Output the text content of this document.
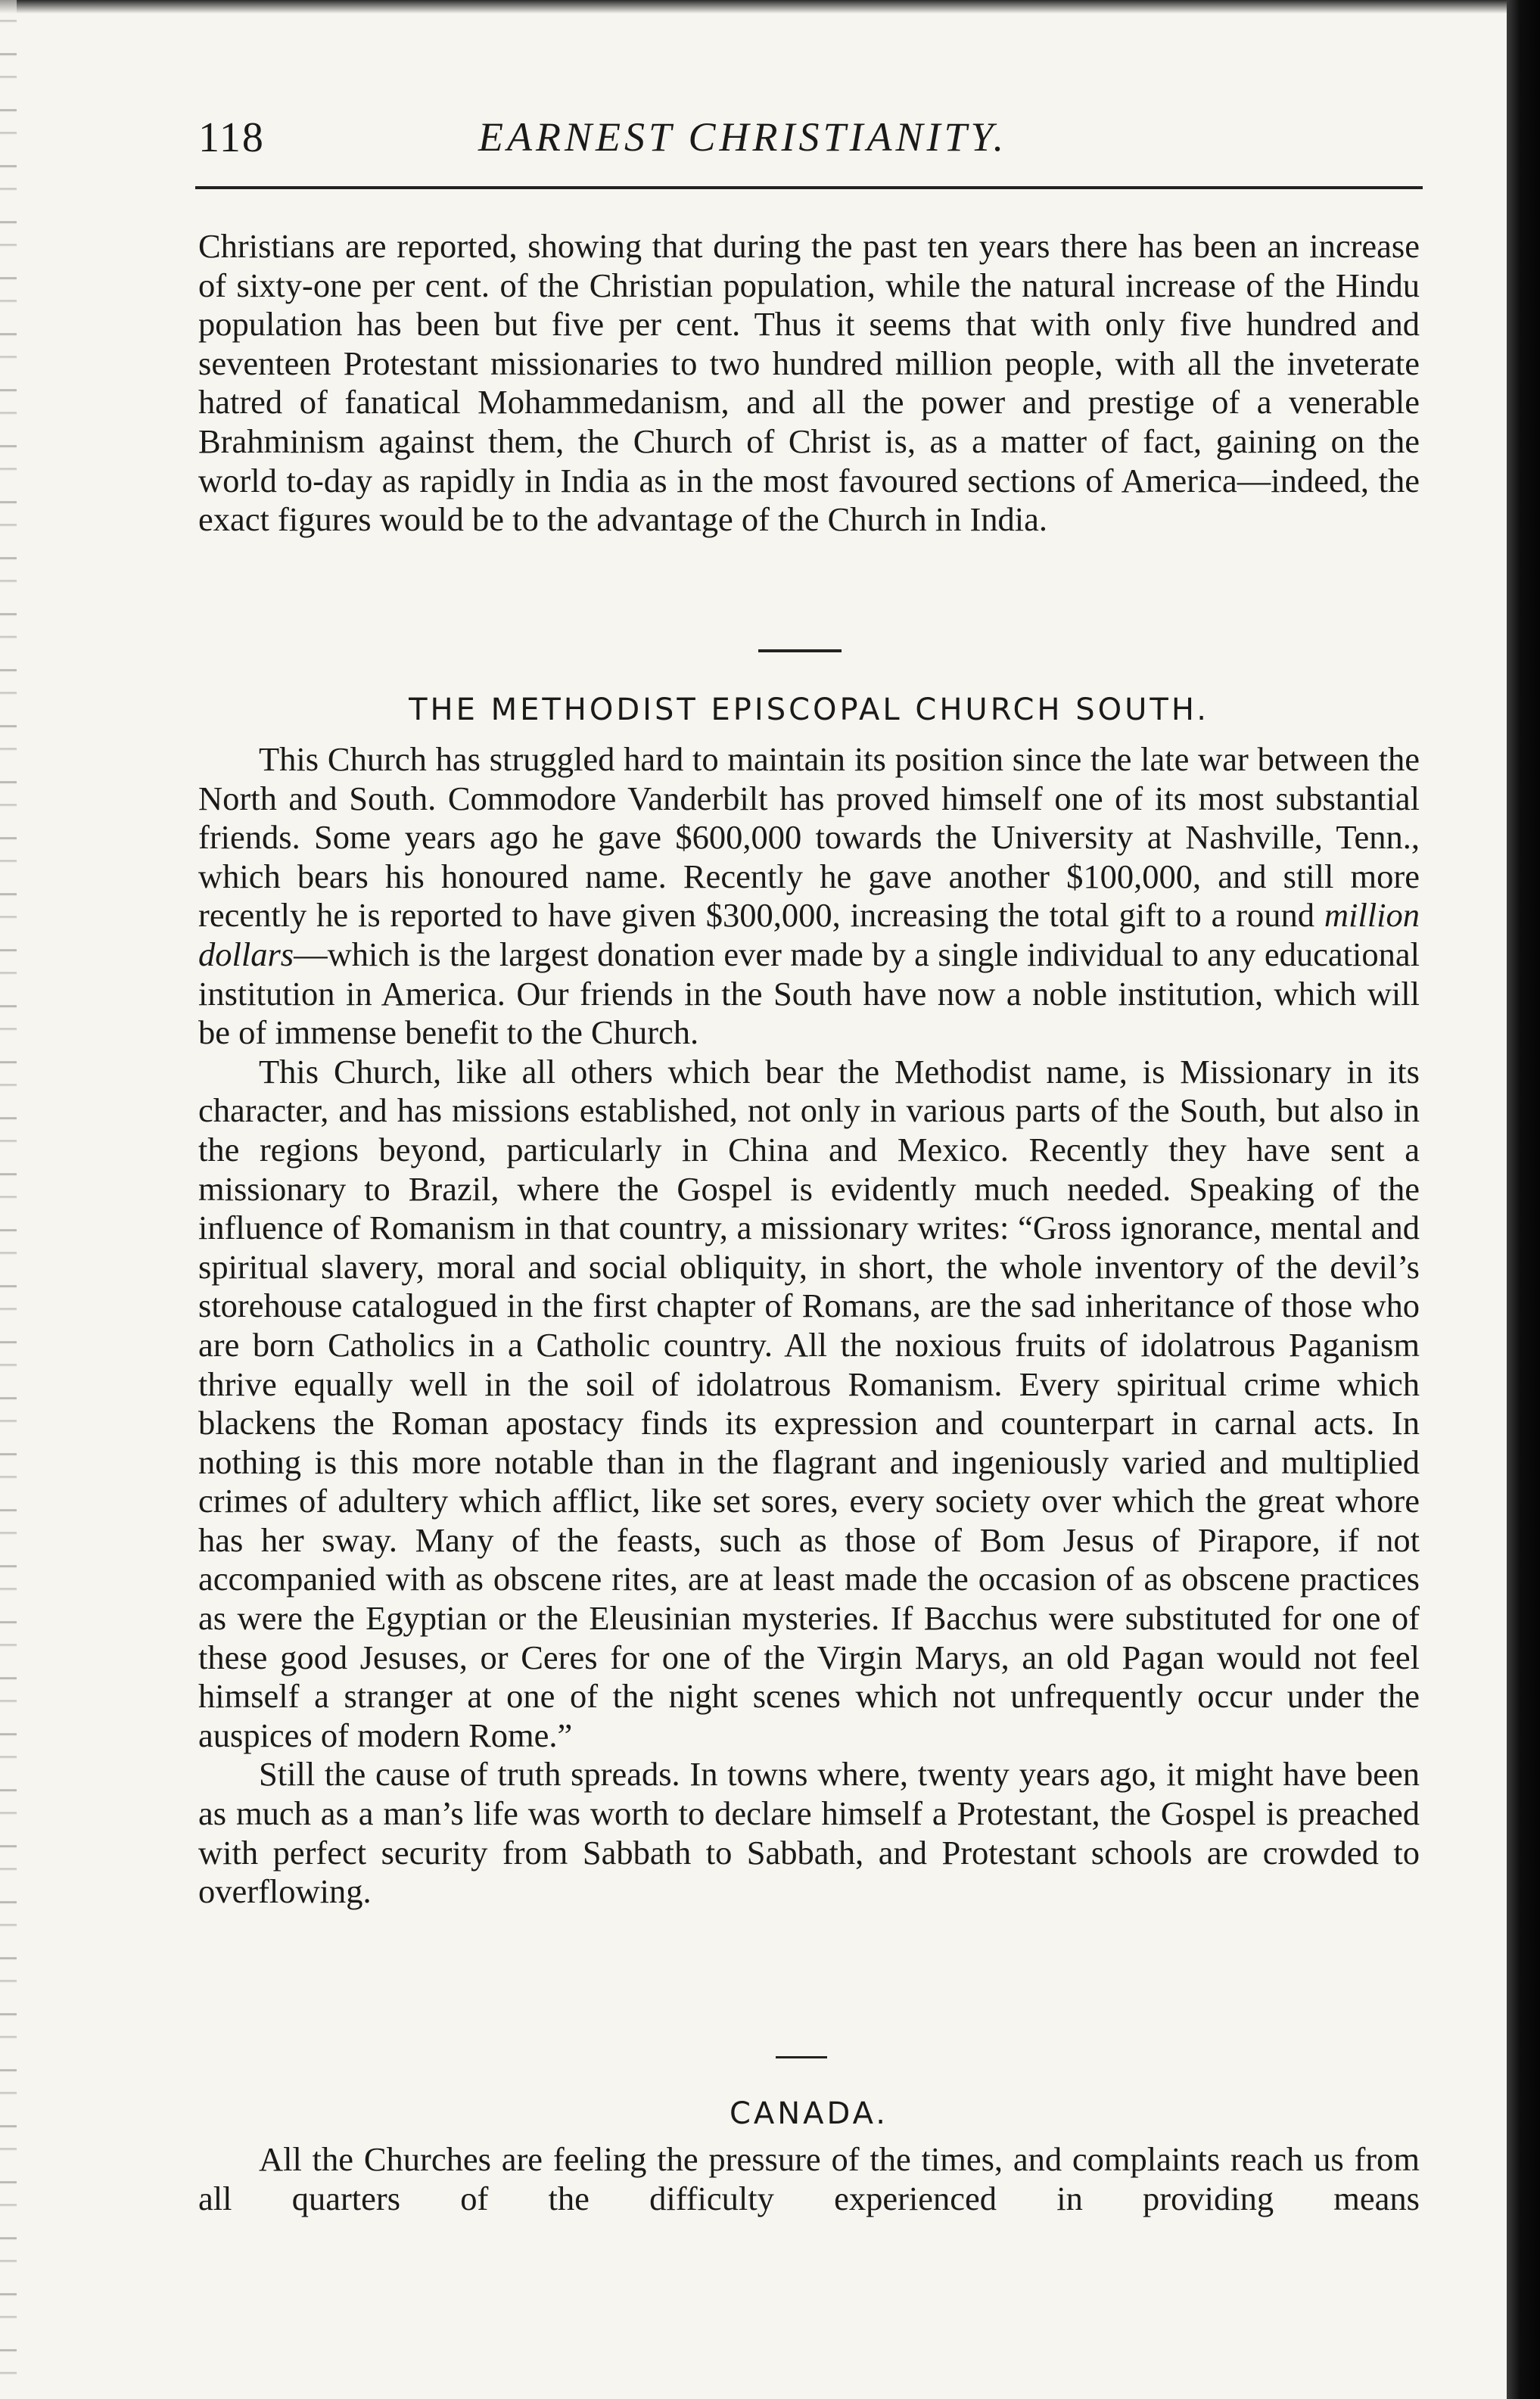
118	EARNEST CHRISTIANITY.

Christians are reported, showing that during the past ten years there has been an increase of sixty-one per cent. of the Christian population, while the natural increase of the Hindu population has been but five per cent. Thus it seems that with only five hundred and seventeen Protestant missionaries to two hundred million people, with all the inveterate hatred of fanatical Mohammedanism, and all the power and prestige of a venerable Brahminism against them, the Church of Christ is, as a matter of fact, gaining on the world to-day as rapidly in India as in the most favoured sections of America—indeed, the exact figures would be to the advantage of the Church in India.

THE METHODIST EPISCOPAL CHURCH SOUTH.

This Church has struggled hard to maintain its position since the late war between the North and South. Commodore Vanderbilt has proved himself one of its most substantial friends. Some years ago he gave $600,000 towards the University at Nashville, Tenn., which bears his honoured name. Recently he gave another $100,000, and still more recently he is reported to have given $300,000, increasing the total gift to a round million dollars—which is the largest donation ever made by a single individual to any educational institution in America. Our friends in the South have now a noble institution, which will be of immense benefit to the Church.

This Church, like all others which bear the Methodist name, is Missionary in its character, and has missions established, not only in various parts of the South, but also in the regions beyond, particularly in China and Mexico. Recently they have sent a missionary to Brazil, where the Gospel is evidently much needed. Speaking of the influence of Romanism in that country, a missionary writes: “Gross ignorance, mental and spiritual slavery, moral and social obliquity, in short, the whole inventory of the devil’s storehouse catalogued in the first chapter of Romans, are the sad inheritance of those who are born Catholics in a Catholic country. All the noxious fruits of idolatrous Paganism thrive equally well in the soil of idolatrous Romanism. Every spiritual crime which blackens the Roman apostacy finds its expression and counterpart in carnal acts. In nothing is this more notable than in the flagrant and ingeniously varied and multiplied crimes of adultery which afflict, like set sores, every society over which the great whore has her sway. Many of the feasts, such as those of Bom Jesus of Pirapore, if not accompanied with as obscene rites, are at least made the occasion of as obscene practices as were the Egyptian or the Eleusinian mysteries. If Bacchus were substituted for one of these good Jesuses, or Ceres for one of the Virgin Marys, an old Pagan would not feel himself a stranger at one of the night scenes which not unfrequently occur under the auspices of modern Rome.”

Still the cause of truth spreads. In towns where, twenty years ago, it might have been as much as a man’s life was worth to declare himself a Protestant, the Gospel is preached with perfect security from Sabbath to Sabbath, and Protestant schools are crowded to overflowing.

CANADA.

All the Churches are feeling the pressure of the times, and complaints reach us from all quarters of the difficulty experienced in providing means
